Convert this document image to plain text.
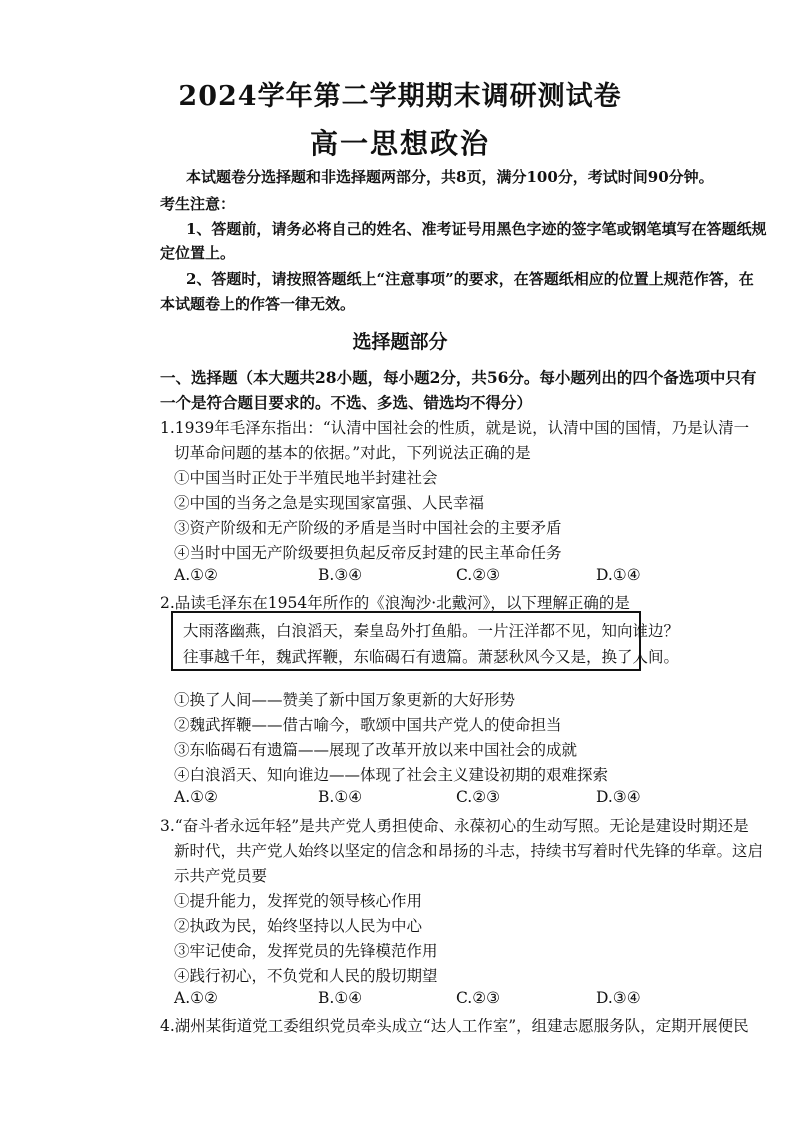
2024学年第二学期期末调研测试卷
高一思想政治
本试题卷分选择题和非选择题两部分，共8页，满分100分，考试时间90分钟。
考生注意：
1、答题前，请务必将自己的姓名、准考证号用黑色字迹的签字笔或钢笔填写在答题纸规
定位置上。
2、答题时，请按照答题纸上“注意事项”的要求，在答题纸相应的位置上规范作答，在
本试题卷上的作答一律无效。
选择题部分
一、选择题（本大题共28小题，每小题2分，共56分。每小题列出的四个备选项中只有
一个是符合题目要求的。不选、多选、错选均不得分）
1.1939年毛泽东指出：“认清中国社会的性质，就是说，认清中国的国情，乃是认清一
切革命问题的基本的依据。”对此，下列说法正确的是
①中国当时正处于半殖民地半封建社会
②中国的当务之急是实现国家富强、人民幸福
③资产阶级和无产阶级的矛盾是当时中国社会的主要矛盾
④当时中国无产阶级要担负起反帝反封建的民主革命任务
A.①②	B.③④	C.②③	D.①④
2.品读毛泽东在1954年所作的《浪淘沙·北戴河》，以下理解正确的是
大雨落幽燕，白浪滔天，秦皇岛外打鱼船。一片汪洋都不见，知向谁边？
往事越千年，魏武挥鞭，东临碣石有遗篇。萧瑟秋风今又是，换了人间。
①换了人间——赞美了新中国万象更新的大好形势
②魏武挥鞭——借古喻今，歌颂中国共产党人的使命担当
③东临碣石有遗篇——展现了改革开放以来中国社会的成就
④白浪滔天、知向谁边——体现了社会主义建设初期的艰难探索
A.①②	B.①④	C.②③	D.③④
3.“奋斗者永远年轻”是共产党人勇担使命、永葆初心的生动写照。无论是建设时期还是
新时代，共产党人始终以坚定的信念和昂扬的斗志，持续书写着时代先锋的华章。这启
示共产党员要
①提升能力，发挥党的领导核心作用
②执政为民，始终坚持以人民为中心
③牢记使命，发挥党员的先锋模范作用
④践行初心，不负党和人民的殷切期望
A.①②	B.①④	C.②③	D.③④
4.湖州某街道党工委组织党员牵头成立“达人工作室”，组建志愿服务队，定期开展便民
